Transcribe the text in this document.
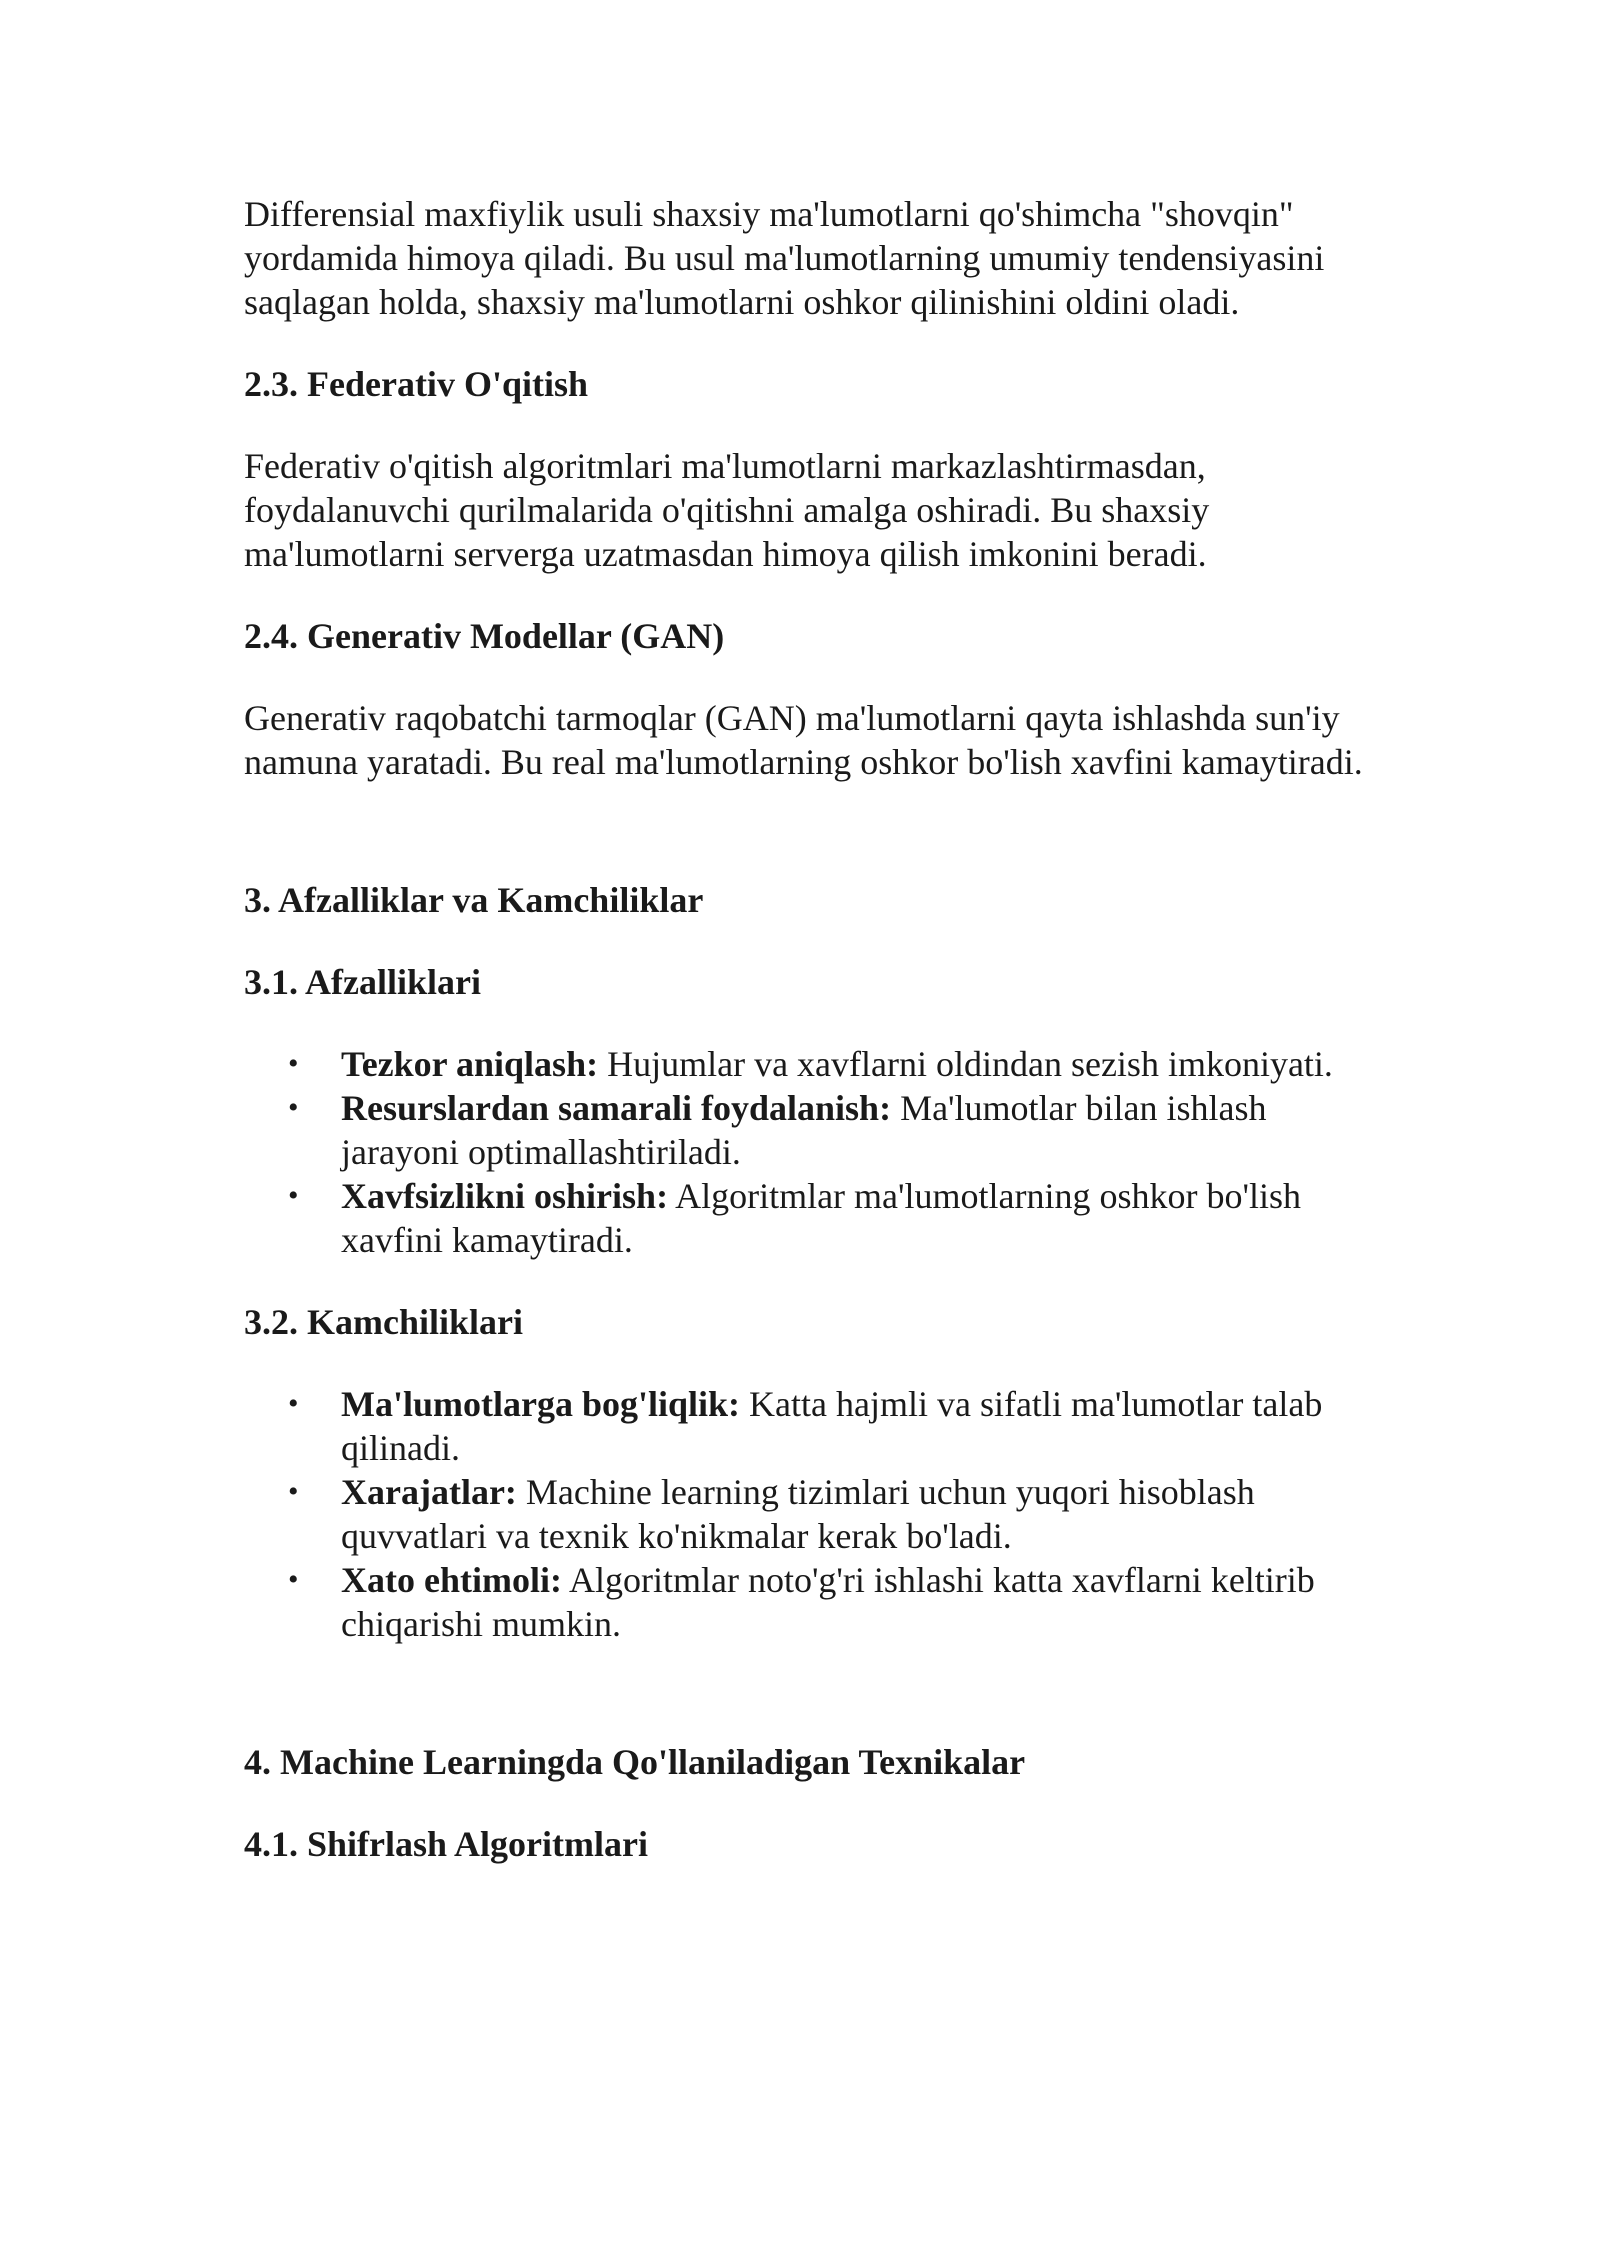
Differensial maxfiylik usuli shaxsiy ma'lumotlarni qo'shimcha "shovqin" yordamida himoya qiladi. Bu usul ma'lumotlarning umumiy tendensiyasini saqlagan holda, shaxsiy ma'lumotlarni oshkor qilinishini oldini oladi.

2.3. Federativ O'qitish

Federativ o'qitish algoritmlari ma'lumotlarni markazlashtirmasdan, foydalanuvchi qurilmalarida o'qitishni amalga oshiradi. Bu shaxsiy ma'lumotlarni serverga uzatmasdan himoya qilish imkonini beradi.

2.4. Generativ Modellar (GAN)

Generativ raqobatchi tarmoqlar (GAN) ma'lumotlarni qayta ishlashda sun'iy namuna yaratadi. Bu real ma'lumotlarning oshkor bo'lish xavfini kamaytiradi.

3. Afzalliklar va Kamchiliklar
3.1. Afzalliklari
• Tezkor aniqlash: Hujumlar va xavflarni oldindan sezish imkoniyati.
• Resurslardan samarali foydalanish: Ma'lumotlar bilan ishlash jarayoni optimallashtiriladi.
• Xavfsizlikni oshirish: Algoritmlar ma'lumotlarning oshkor bo'lish xavfini kamaytiradi.
3.2. Kamchiliklari
• Ma'lumotlarga bog'liqlik: Katta hajmli va sifatli ma'lumotlar talab qilinadi.
• Xarajatlar: Machine learning tizimlari uchun yuqori hisoblash quvvatlari va texnik ko'nikmalar kerak bo'ladi.
• Xato ehtimoli: Algoritmlar noto'g'ri ishlashi katta xavflarni keltirib chiqarishi mumkin.
4. Machine Learningda Qo'llaniladigan Texnikalar
4.1. Shifrlash Algoritmlari
